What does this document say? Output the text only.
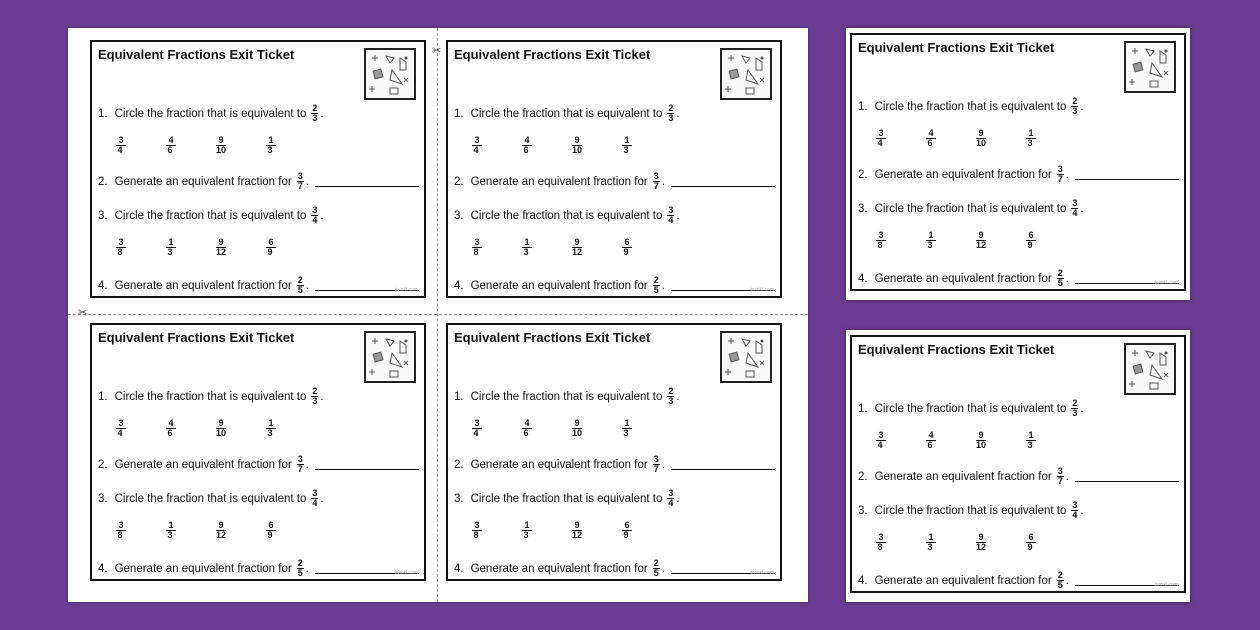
✂
✂
Equivalent Fractions Exit Ticket
1. Circle the fraction that is equivalent to $\frac{2}{3}$ .
$\frac{3}{4} \frac{4}{6} \frac{9}{10} \frac{1}{3}$
2. Generate an equivalent fraction for $\frac{3}{7}$ .
3. Circle the fraction that is equivalent to $\frac{3}{4}$ .
$\frac{3}{8} \frac{1}{3} \frac{9}{12} \frac{6}{9}$
4. Generate an equivalent fraction for $\frac{2}{5}$ .	twinkl.com
Equivalent Fractions Exit Ticket
1. Circle the fraction that is equivalent to $\frac{2}{3}$ .
$\frac{3}{4} \frac{4}{6} \frac{9}{10} \frac{1}{3}$
2. Generate an equivalent fraction for $\frac{3}{7}$ .
3. Circle the fraction that is equivalent to $\frac{3}{4}$ .
$\frac{3}{8} \frac{1}{3} \frac{9}{12} \frac{6}{9}$
4. Generate an equivalent fraction for $\frac{2}{5}$ .	twinkl.com
Equivalent Fractions Exit Ticket
1. Circle the fraction that is equivalent to $\frac{2}{3}$ .
$\frac{3}{4} \frac{4}{6} \frac{9}{10} \frac{1}{3}$
2. Generate an equivalent fraction for $\frac{3}{7}$ .
3. Circle the fraction that is equivalent to $\frac{3}{4}$ .
$\frac{3}{8} \frac{1}{3} \frac{9}{12} \frac{6}{9}$
4. Generate an equivalent fraction for $\frac{2}{5}$ .	twinkl.com
Equivalent Fractions Exit Ticket
1. Circle the fraction that is equivalent to $\frac{2}{3}$ .
$\frac{3}{4} \frac{4}{6} \frac{9}{10} \frac{1}{3}$
2. Generate an equivalent fraction for $\frac{3}{7}$ .
3. Circle the fraction that is equivalent to $\frac{3}{4}$ .
$\frac{3}{8} \frac{1}{3} \frac{9}{12} \frac{6}{9}$
4. Generate an equivalent fraction for $\frac{2}{5}$ .	twinkl.com
Equivalent Fractions Exit Ticket
1. Circle the fraction that is equivalent to $\frac{2}{3}$ .
$\frac{3}{4} \frac{4}{6} \frac{9}{10} \frac{1}{3}$
2. Generate an equivalent fraction for $\frac{3}{7}$ .
3. Circle the fraction that is equivalent to $\frac{3}{4}$ .
$\frac{3}{8} \frac{1}{3} \frac{9}{12} \frac{6}{9}$
4. Generate an equivalent fraction for $\frac{2}{5}$ .	twinkl.com
Equivalent Fractions Exit Ticket
1. Circle the fraction that is equivalent to $\frac{2}{3}$ .
$\frac{3}{4} \frac{4}{6} \frac{9}{10} \frac{1}{3}$
2. Generate an equivalent fraction for $\frac{3}{7}$ .
3. Circle the fraction that is equivalent to $\frac{3}{4}$ .
$\frac{3}{8} \frac{1}{3} \frac{9}{12} \frac{6}{9}$
4. Generate an equivalent fraction for $\frac{2}{5}$ .	twinkl.com
